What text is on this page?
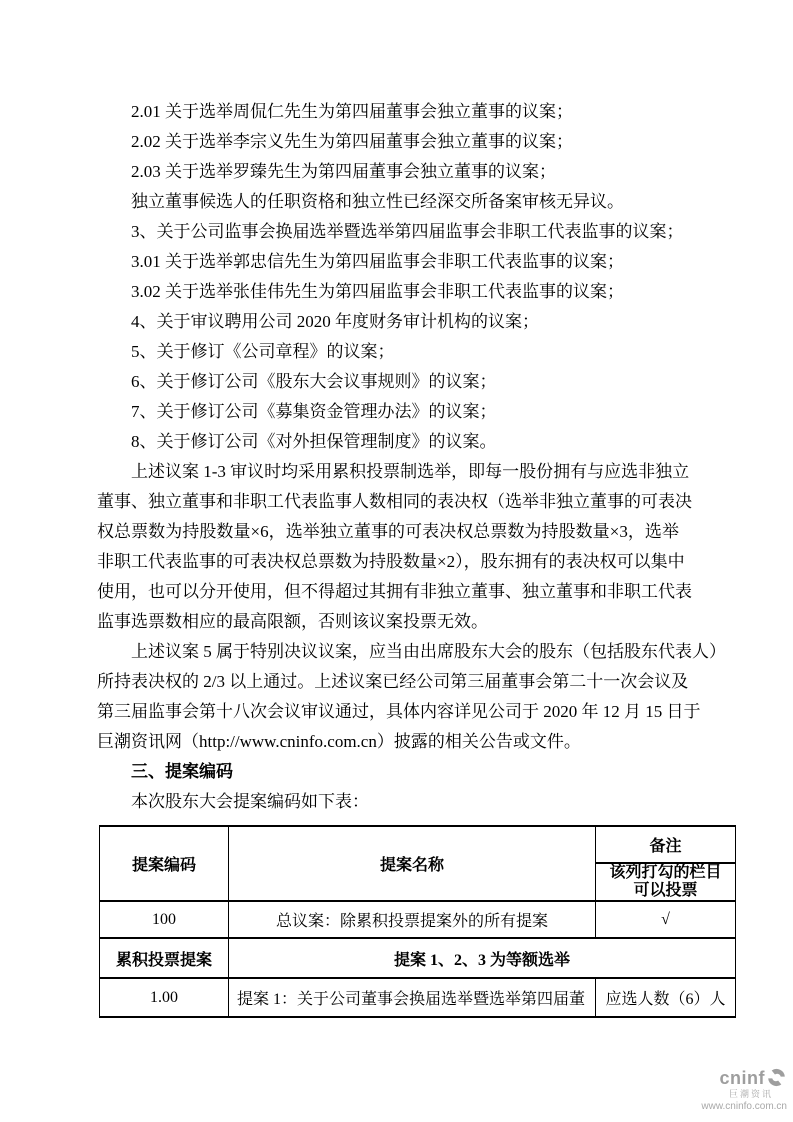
2.01 关于选举周侃仁先生为第四届董事会独立董事的议案；
2.02 关于选举李宗义先生为第四届董事会独立董事的议案；
2.03 关于选举罗臻先生为第四届董事会独立董事的议案；
独立董事候选人的任职资格和独立性已经深交所备案审核无异议。
3、关于公司监事会换届选举暨选举第四届监事会非职工代表监事的议案；
3.01 关于选举郭忠信先生为第四届监事会非职工代表监事的议案；
3.02 关于选举张佳伟先生为第四届监事会非职工代表监事的议案；
4、关于审议聘用公司 2020 年度财务审计机构的议案；
5、关于修订《公司章程》的议案；
6、关于修订公司《股东大会议事规则》的议案；
7、关于修订公司《募集资金管理办法》的议案；
8、关于修订公司《对外担保管理制度》的议案。
上述议案 1-3 审议时均采用累积投票制选举，即每一股份拥有与应选非独立
董事、独立董事和非职工代表监事人数相同的表决权（选举非独立董事的可表决
权总票数为持股数量×6，选举独立董事的可表决权总票数为持股数量×3，选举
非职工代表监事的可表决权总票数为持股数量×2），股东拥有的表决权可以集中
使用，也可以分开使用，但不得超过其拥有非独立董事、独立董事和非职工代表
监事选票数相应的最高限额，否则该议案投票无效。
上述议案 5 属于特别决议议案，应当由出席股东大会的股东（包括股东代表人）
所持表决权的 2/3 以上通过。上述议案已经公司第三届董事会第二十一次会议及
第三届监事会第十八次会议审议通过，具体内容详见公司于 2020 年 12 月 15 日于
巨潮资讯网（http://www.cninfo.com.cn）披露的相关公告或文件。
三、提案编码
本次股东大会提案编码如下表：
提案编码	提案名称	备注

		该列打勾的栏目
可以投票

100	总议案：除累积投票提案外的所有提案	√
累积投票提案	提案 1、2、3 为等额选举	
1.00	提案 1：关于公司董事会换届选举暨选举第四届董	应选人数（6）人
cninf
巨潮资讯
www.cninfo.com.cn
